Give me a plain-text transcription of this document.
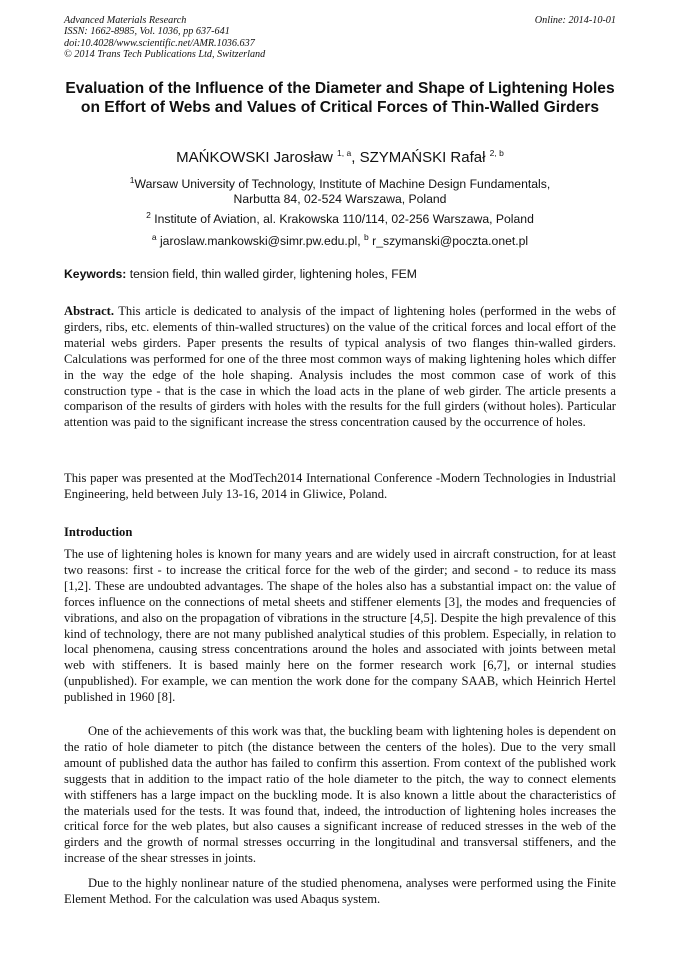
Advanced Materials Research
ISSN: 1662-8985, Vol. 1036, pp 637-641
doi:10.4028/www.scientific.net/AMR.1036.637
© 2014 Trans Tech Publications Ltd, Switzerland
Online: 2014-10-01
Evaluation of the Influence of the Diameter and Shape of Lightening Holes on Effort of Webs and Values of Critical Forces of Thin-Walled Girders
MAŃKOWSKI Jarosław $^{1, a}$, SZYMAŃSKI Rafał $^{2, b}$
$^1$Warsaw University of Technology, Institute of Machine Design Fundamentals,
Narbutta 84, 02-524 Warszawa, Poland
$^2$ Institute of Aviation, al. Krakowska 110/114, 02-256 Warszawa, Poland
$^a$ jaroslaw.mankowski@simr.pw.edu.pl, $^b$ r_szymanski@poczta.onet.pl
Keywords: tension field, thin walled girder, lightening holes, FEM

Abstract. This article is dedicated to analysis of the impact of lightening holes (performed in the webs of girders, ribs, etc. elements of thin-walled structures) on the value of the critical forces and local effort of the material webs girders. Paper presents the results of typical analysis of two flanges thin-walled girders. Calculations was performed for one of the three most common ways of making lightening holes which differ in the way the edge of the hole shaping. Analysis includes the most common case of work of this construction type - that is the case in which the load acts in the plane of web girder. The article presents a comparison of the results of girders with holes with the results for the full girders (without holes). Particular attention was paid to the significant increase the stress concentration caused by the occurrence of holes.

This paper was presented at the ModTech2014 International Conference -Modern Technologies in Industrial Engineering, held between July 13-16, 2014 in Gliwice, Poland.

Introduction

The use of lightening holes is known for many years and are widely used in aircraft construction, for at least two reasons: first - to increase the critical force for the web of the girder; and second - to reduce its mass [1,2]. These are undoubted advantages. The shape of the holes also has a substantial impact on: the value of forces influence on the connections of metal sheets and stiffener elements [3], the modes and frequencies of vibrations, and also on the propagation of vibrations in the structure [4,5]. Despite the high prevalence of this kind of technology, there are not many published analytical studies of this problem. Especially, in relation to local phenomena, causing stress concentrations around the holes and associated with joints between metal web with stiffeners. It is based mainly here on the former research work [6,7], or internal studies (unpublished). For example, we can mention the work done for the company SAAB, which Heinrich Hertel published in 1960 [8].

One of the achievements of this work was that, the buckling beam with lightening holes is dependent on the ratio of hole diameter to pitch (the distance between the centers of the holes). Due to the very small amount of published data the author has failed to confirm this assertion. From context of the published work suggests that in addition to the impact ratio of the hole diameter to the pitch, the way to connect elements with stiffeners has a large impact on the buckling mode. It is also known a little about the characteristics of the materials used for the tests. It was found that, indeed, the introduction of lightening holes increases the critical force for the web plates, but also causes a significant increase of reduced stresses in the web of the girders and the growth of normal stresses occurring in the longitudinal and transversal stiffeners, and the increase of the shear stresses in joints.

Due to the highly nonlinear nature of the studied phenomena, analyses were performed using the Finite Element Method. For the calculation was used Abaqus system.
